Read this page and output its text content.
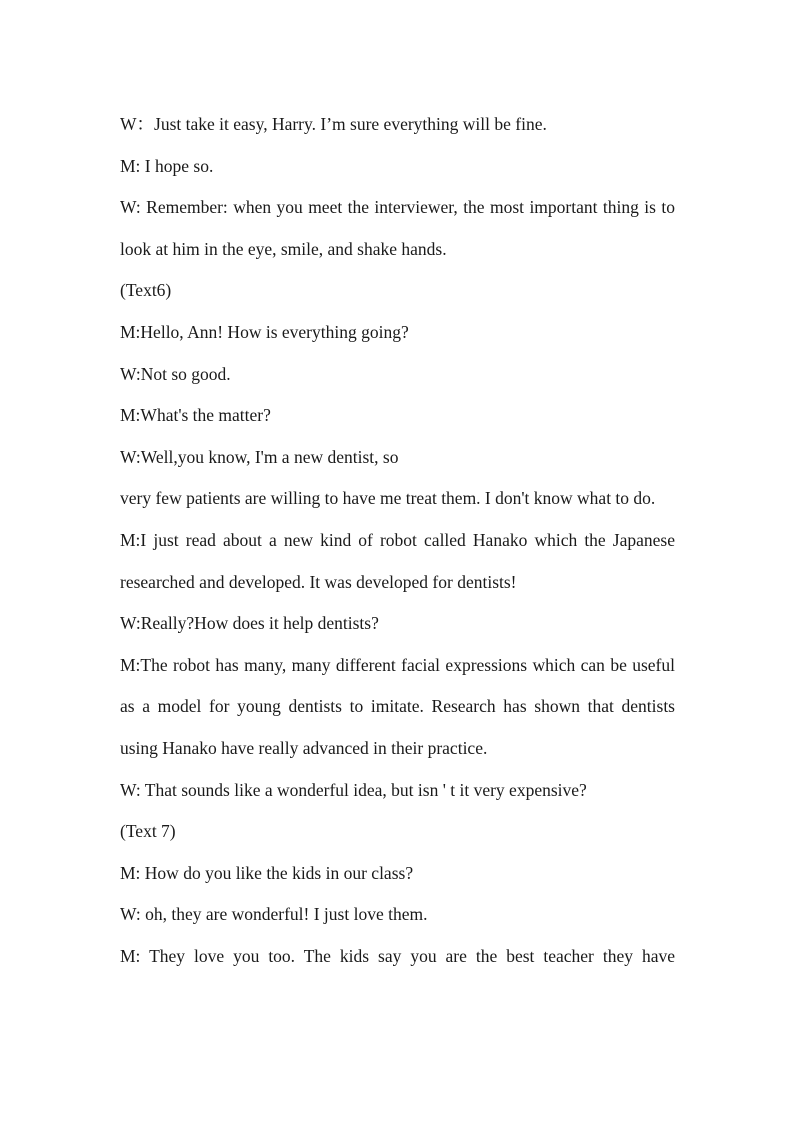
W：Just take it easy, Harry. I’m sure everything will be fine.

M: I hope so.

W: Remember: when you meet the interviewer, the most important thing is to look at him in the eye, smile, and shake hands.

(Text6)

M:Hello, Ann! How is everything going?

W:Not so good.

M:What's the matter?

W:Well,you know, I'm a new dentist, so

very few patients are willing to have me treat them. I don't know what to do.

M:I just read about a new kind of robot called Hanako which the Japanese researched and developed. It was developed for dentists!

W:Really?How does it help dentists?

M:The robot has many, many different facial expressions which can be useful as a model for young dentists to imitate. Research has shown that dentists using Hanako have really advanced in their practice.

W: That sounds like a wonderful idea, but isn ' t it very expensive?

(Text 7)

M: How do you like the kids in our class?

W: oh, they are wonderful! I just love them.

M: They love you too. The kids say you are the best teacher they have
